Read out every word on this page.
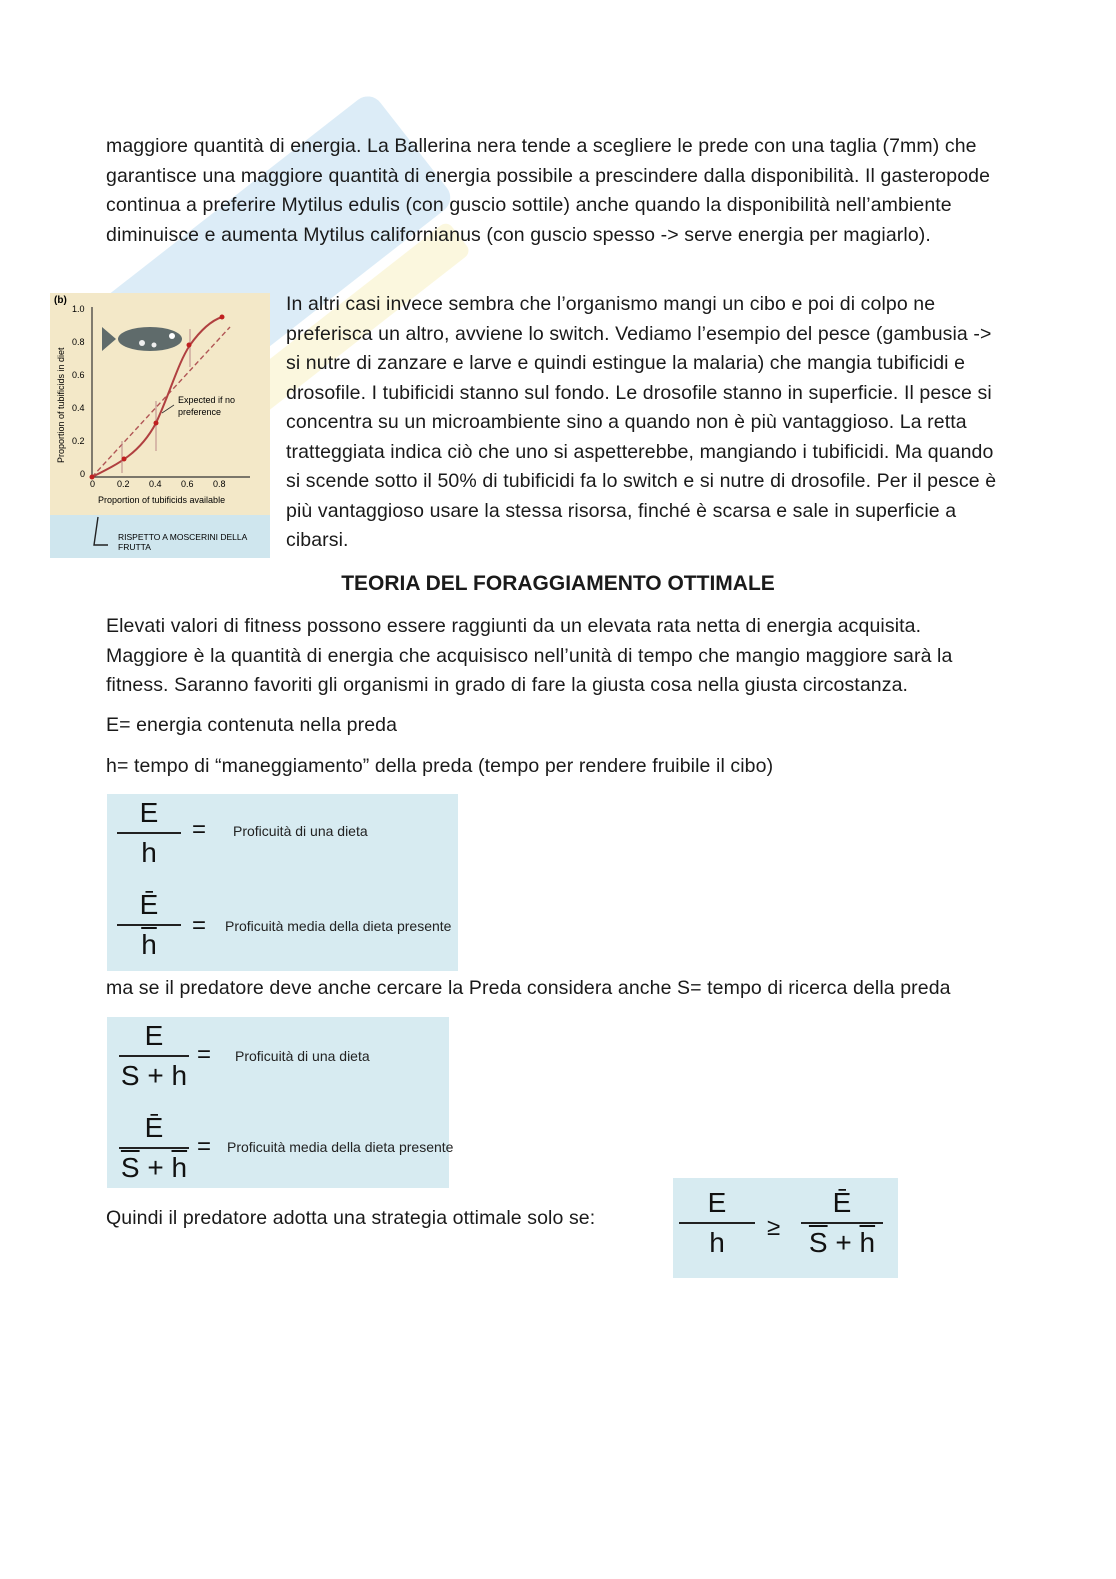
maggiore quantità di energia. La Ballerina nera tende a scegliere le prede con una taglia (7mm) che garantisce una maggiore quantità di energia possibile a prescindere dalla disponibilità. Il gasteropode continua a preferire Mytilus edulis (con guscio sottile) anche quando la disponibilità nell’ambiente diminuisce e aumenta Mytilus californianus (con guscio spesso -> serve energia per magiarlo).

(b)
Proportion of tubificids in diet
1.0
0.8
0.6
0.4
0.2
0
0 0.2 0.4 0.6 0.8
Proportion of tubificids available
Expected if no
preference
RISPETTO A MOSCERINI DELLA
FRUTTA

In altri casi invece sembra che l’organismo mangi un cibo e poi di colpo ne preferisca un altro, avviene lo switch. Vediamo l’esempio del pesce (gambusia -> si nutre di zanzare e larve e quindi estingue la malaria) che mangia tubificidi e drosofile. I tubificidi stanno sul fondo. Le drosofile stanno in superficie. Il pesce si concentra su un microambiente sino a quando non è più vantaggioso. La retta tratteggiata indica ciò che uno si aspetterebbe, mangiando i tubificidi. Ma quando si scende sotto il 50% di tubificidi fa lo switch e si nutre di drosofile. Per il pesce è più vantaggioso usare la stessa risorsa, finché è scarsa e sale in superficie a cibarsi.

TEORIA DEL FORAGGIAMENTO OTTIMALE

Elevati valori di fitness possono essere raggiunti da un elevata rata netta di energia acquisita. Maggiore è la quantità di energia che acquisisco nell’unità di tempo che mangio maggiore sarà la fitness. Saranno favoriti gli organismi in grado di fare la giusta cosa nella giusta circostanza.

E= energia contenuta nella preda

h= tempo di “maneggiamento” della preda (tempo per rendere fruibile il cibo)

E
h
= Proficuità di una dieta
$\frac{Ē}{h}$ = Proficuità media della dieta presente

ma se il predatore deve anche cercare la Preda considera anche S= tempo di ricerca della preda

E
S + h
= Proficuità di una dieta
Ē
$\overline{S} + \overline{h}$
= Proficuità media della dieta presente

Quindi il predatore adotta una strategia ottimale solo se:	E
h	≥
Ē
$\overline{S} + \overline{h}$
